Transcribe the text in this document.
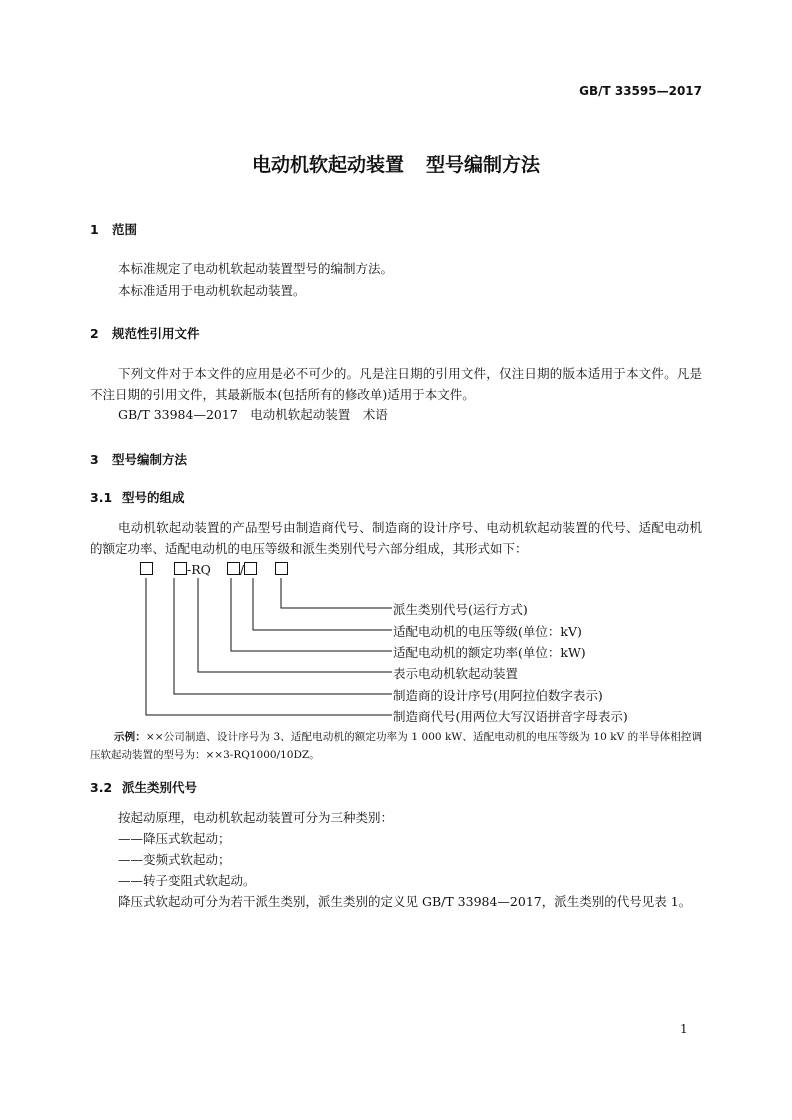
GB/T 33595—2017
电动机软起动装置 型号编制方法
1 范围
本标准规定了电动机软起动装置型号的编制方法。
本标准适用于电动机软起动装置。
2 规范性引用文件
下列文件对于本文件的应用是必不可少的。凡是注日期的引用文件，仅注日期的版本适用于本文件。凡是不注日期的引用文件，其最新版本(包括所有的修改单)适用于本文件。
GB/T 33984—2017　电动机软起动装置　术语
3 型号编制方法
3.1 型号的组成
电动机软起动装置的产品型号由制造商代号、制造商的设计序号、电动机软起动装置的代号、适配电动机的额定功率、适配电动机的电压等级和派生类别代号六部分组成，其形式如下：
-RQ /
派生类别代号(运行方式)
适配电动机的电压等级(单位：kV)
适配电动机的额定功率(单位：kW)
表示电动机软起动装置
制造商的设计序号(用阿拉伯数字表示)
制造商代号(用两位大写汉语拼音字母表示)
示例：××公司制造、设计序号为 3、适配电动机的额定功率为 1 000 kW、适配电动机的电压等级为 10 kV 的半导体相控调压软起动装置的型号为：××3-RQ1000/10DZ。
3.2 派生类别代号
按起动原理，电动机软起动装置可分为三种类别：
——降压式软起动；
——变频式软起动；
——转子变阻式软起动。
降压式软起动可分为若干派生类别，派生类别的定义见 GB/T 33984—2017，派生类别的代号见表 1。
1
